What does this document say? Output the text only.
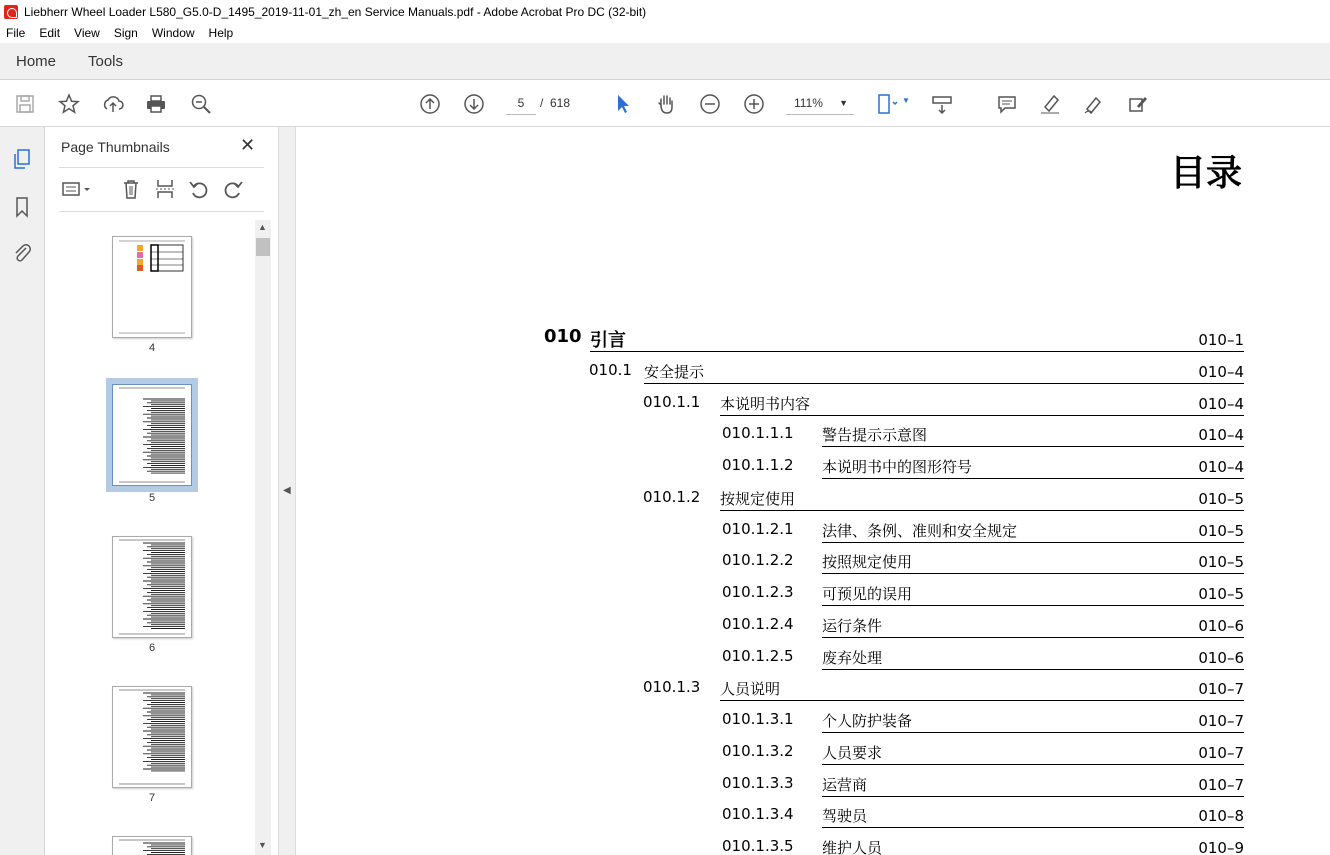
Liebherr Wheel Loader L580_G5.0-D_1495_2019-11-01_zh_en Service Manuals.pdf - Adobe Acrobat Pro DC (32-bit)
File Edit View Sign Window Help
Home Tools
5	/ 618	111% ▼	▼
Page Thumbnails	✕
4
5
6
7
▲
▼
◀
目录
010 引言	010–1
010.1 安全提示	010–4
010.1.1 本说明书内容	010–4
010.1.1.1 警告提示示意图	010–4
010.1.1.2 本说明书中的图形符号	010–4
010.1.2 按规定使用	010–5
010.1.2.1 法律、条例、准则和安全规定	010–5
010.1.2.2 按照规定使用	010–5
010.1.2.3 可预见的误用	010–5
010.1.2.4 运行条件	010–6
010.1.2.5 废弃处理	010–6
010.1.3 人员说明	010–7
010.1.3.1 个人防护装备	010–7
010.1.3.2 人员要求	010–7
010.1.3.3 运营商	010–7
010.1.3.4 驾驶员	010–8
010.1.3.5 维护人员	010–9
